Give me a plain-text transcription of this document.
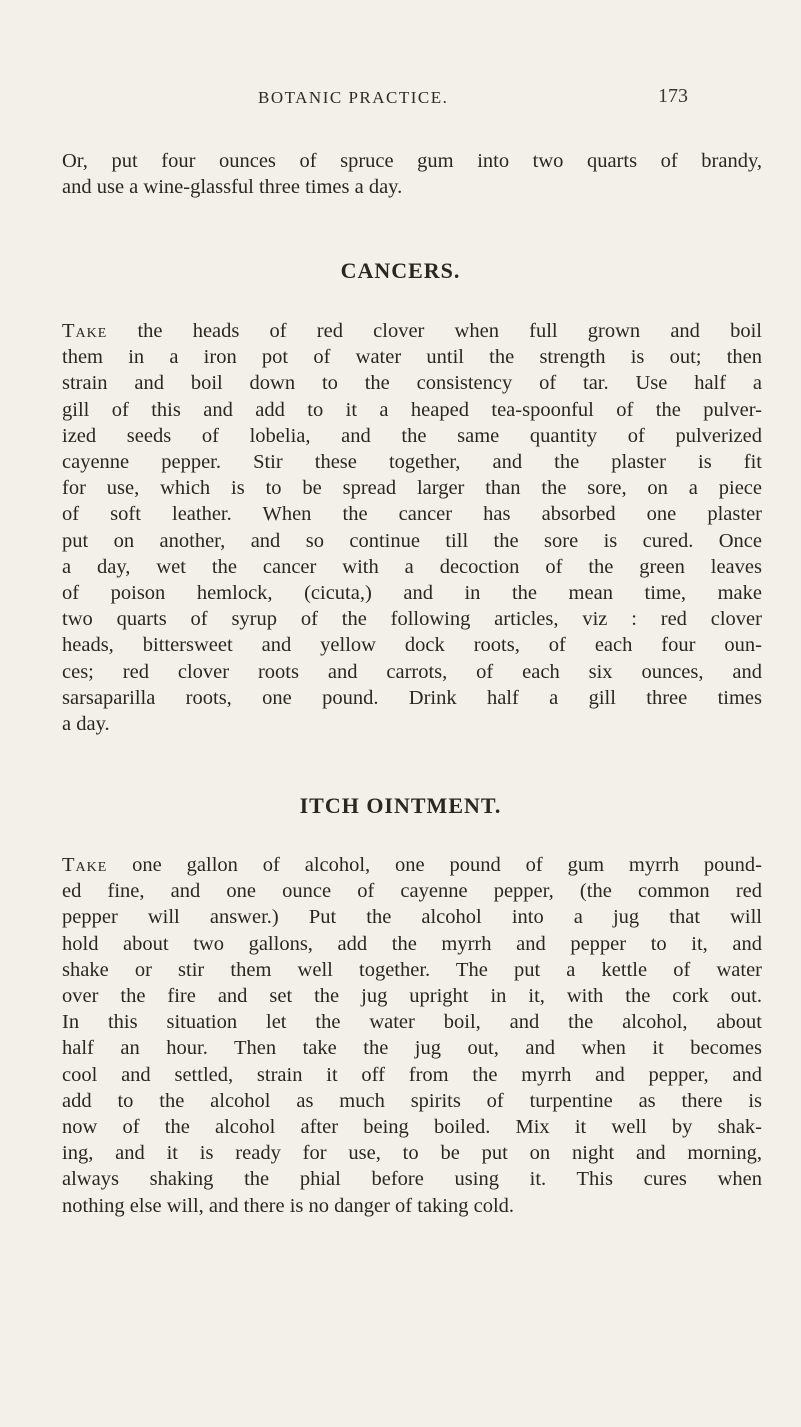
BOTANIC PRACTICE.	173

Or, put four ounces of spruce gum into two quarts of brandy,
and use a wine-glassful three times a day.

CANCERS.

Take the heads of red clover when full grown and boil
them in a iron pot of water until the strength is out; then
strain and boil down to the consistency of tar. Use half a
gill of this and add to it a heaped tea-spoonful of the pulver-
ized seeds of lobelia, and the same quantity of pulverized
cayenne pepper. Stir these together, and the plaster is fit
for use, which is to be spread larger than the sore, on a piece
of soft leather. When the cancer has absorbed one plaster
put on another, and so continue till the sore is cured. Once
a day, wet the cancer with a decoction of the green leaves
of poison hemlock, (cicuta,) and in the mean time, make
two quarts of syrup of the following articles, viz : red clover
heads, bittersweet and yellow dock roots, of each four oun-
ces; red clover roots and carrots, of each six ounces, and
sarsaparilla roots, one pound. Drink half a gill three times
a day.

ITCH OINTMENT.

Take one gallon of alcohol, one pound of gum myrrh pound-
ed fine, and one ounce of cayenne pepper, (the common red
pepper will answer.) Put the alcohol into a jug that will
hold about two gallons, add the myrrh and pepper to it, and
shake or stir them well together. The put a kettle of water
over the fire and set the jug upright in it, with the cork out.
In this situation let the water boil, and the alcohol, about
half an hour. Then take the jug out, and when it becomes
cool and settled, strain it off from the myrrh and pepper, and
add to the alcohol as much spirits of turpentine as there is
now of the alcohol after being boiled. Mix it well by shak-
ing, and it is ready for use, to be put on night and morning,
always shaking the phial before using it. This cures when
nothing else will, and there is no danger of taking cold.
